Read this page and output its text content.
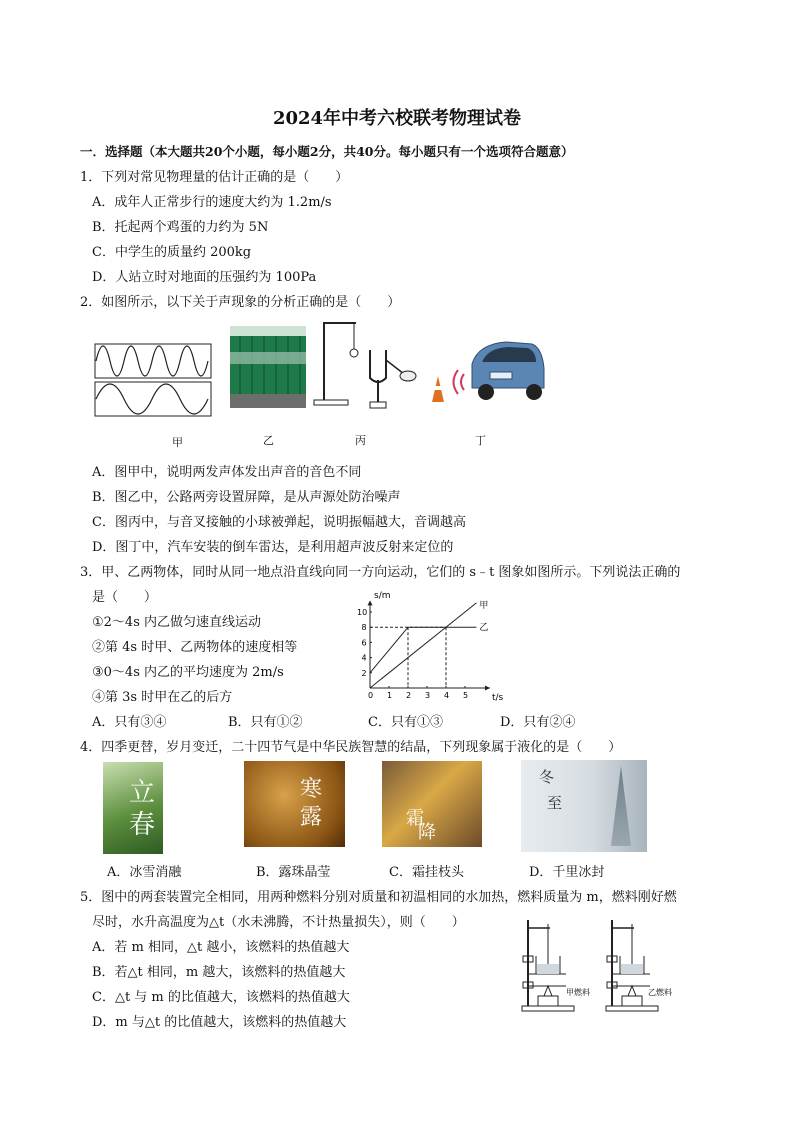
2024年中考六校联考物理试卷
一．选择题（本大题共20个小题，每小题2分，共40分。每小题只有一个选项符合题意）
1．下列对常见物理量的估计正确的是（　　）
A．成年人正常步行的速度大约为 1.2m/s
B．托起两个鸡蛋的力约为 5N
C．中学生的质量约 200kg
D．人站立时对地面的压强约为 100Pa
2．如图所示，以下关于声现象的分析正确的是（　　）
甲	乙	丙	丁
A．图甲中，说明两发声体发出声音的音色不同
B．图乙中，公路两旁设置屏障，是从声源处防治噪声
C．图丙中，与音叉接触的小球被弹起，说明振幅越大，音调越高
D．图丁中，汽车安装的倒车雷达，是利用超声波反射来定位的
3．甲、乙两物体，同时从同一地点沿直线向同一方向运动，它们的 s﹣t 图象如图所示。下列说法正确的
是（　　）
①2～4s 内乙做匀速直线运动
②第 4s 时甲、乙两物体的速度相等
③0～4s 内乙的平均速度为 2m/s
④第 3s 时甲在乙的后方	0 1 2 3 4 5
2
4
6
8
10
甲
乙
s/m
t/s
A．只有③④	B．只有①②	C．只有①③	D．只有②④
4．四季更替，岁月变迁，二十四节气是中华民族智慧的结晶，下列现象属于液化的是（　　）
立
春
寒
露	霜
降
冬
至
A．冰雪消融	B．露珠晶莹	C．霜挂枝头	D．千里冰封
5．图中的两套装置完全相同，用两种燃料分别对质量和初温相同的水加热，燃料质量为 m，燃料刚好燃
尽时，水升高温度为△t（水未沸腾，不计热量损失），则（　　）
A．若 m 相同，△t 越小，该燃料的热值越大
B．若△t 相同，m 越大，该燃料的热值越大
C．△t 与 m 的比值越大，该燃料的热值越大
D．m 与△t 的比值越大，该燃料的热值越大
甲燃料	乙燃料
